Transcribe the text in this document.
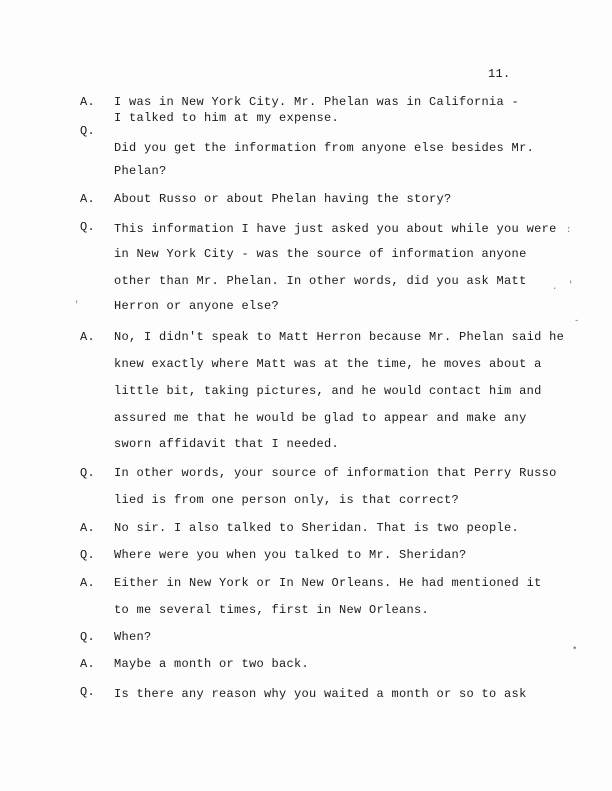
11.
A. I was in New York City. Mr. Phelan was in California -
I talked to him at my expense.
Q.
Did you get the information from anyone else besides Mr.
Phelan?
A. About Russo or about Phelan having the story?
Q. This information I have just asked you about while you were
in New York City - was the source of information anyone
other than Mr. Phelan. In other words, did you ask Matt
Herron or anyone else?
A. No, I didn't speak to Matt Herron because Mr. Phelan said he
knew exactly where Matt was at the time, he moves about a
little bit, taking pictures, and he would contact him and
assured me that he would be glad to appear and make any
sworn affidavit that I needed.
Q. In other words, your source of information that Perry Russo
lied is from one person only, is that correct?
A. No sir. I also talked to Sheridan. That is two people.
Q. Where were you when you talked to Mr. Sheridan?
A. Either in New York or In New Orleans. He had mentioned it
to me several times, first in New Orleans.
Q. When?
A. Maybe a month or two back.
Q. Is there any reason why you waited a month or so to ask
'
:
. '
-
•
